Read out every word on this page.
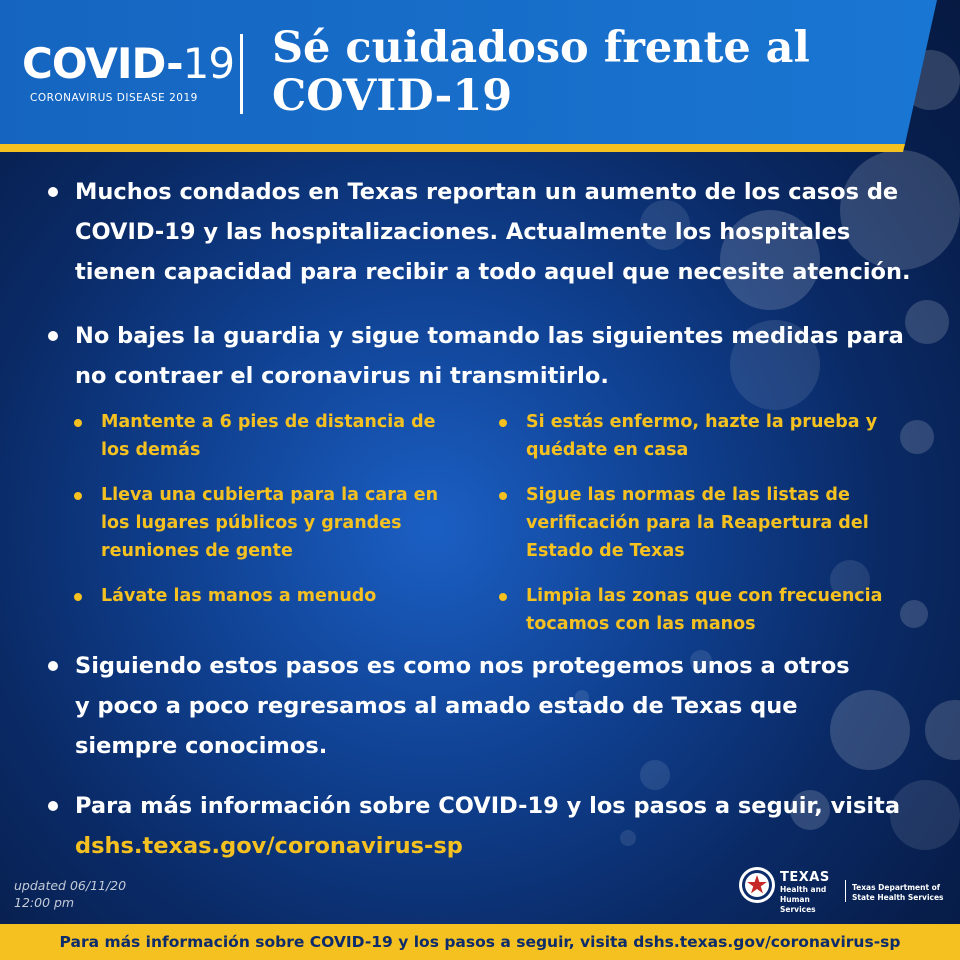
COVID-19
CORONAVIRUS DISEASE 2019
Sé cuidadoso frente al COVID-19
Muchos condados en Texas reportan un aumento de los casos de COVID-19 y las hospitalizaciones. Actualmente los hospitales tienen capacidad para recibir a todo aquel que necesite atención.
No bajes la guardia y sigue tomando las siguientes medidas para no contraer el coronavirus ni transmitirlo.
Mantente a 6 pies de distancia de los demás
Lleva una cubierta para la cara en los lugares públicos y grandes reuniones de gente
Lávate las manos a menudo
Si estás enfermo, hazte la prueba y quédate en casa
Sigue las normas de las listas de verificación para la Reapertura del Estado de Texas
Limpia las zonas que con frecuencia tocamos con las manos
Siguiendo estos pasos es como nos protegemos unos a otros y poco a poco regresamos al amado estado de Texas que siempre conocimos.
Para más información sobre COVID-19 y los pasos a seguir, visita
dshs.texas.gov/coronavirus-sp
updated 06/11/20
12:00 pm
TEXAS
Health and Human Services
Texas Department of State Health Services
Para más información sobre COVID-19 y los pasos a seguir, visita dshs.texas.gov/coronavirus-sp
